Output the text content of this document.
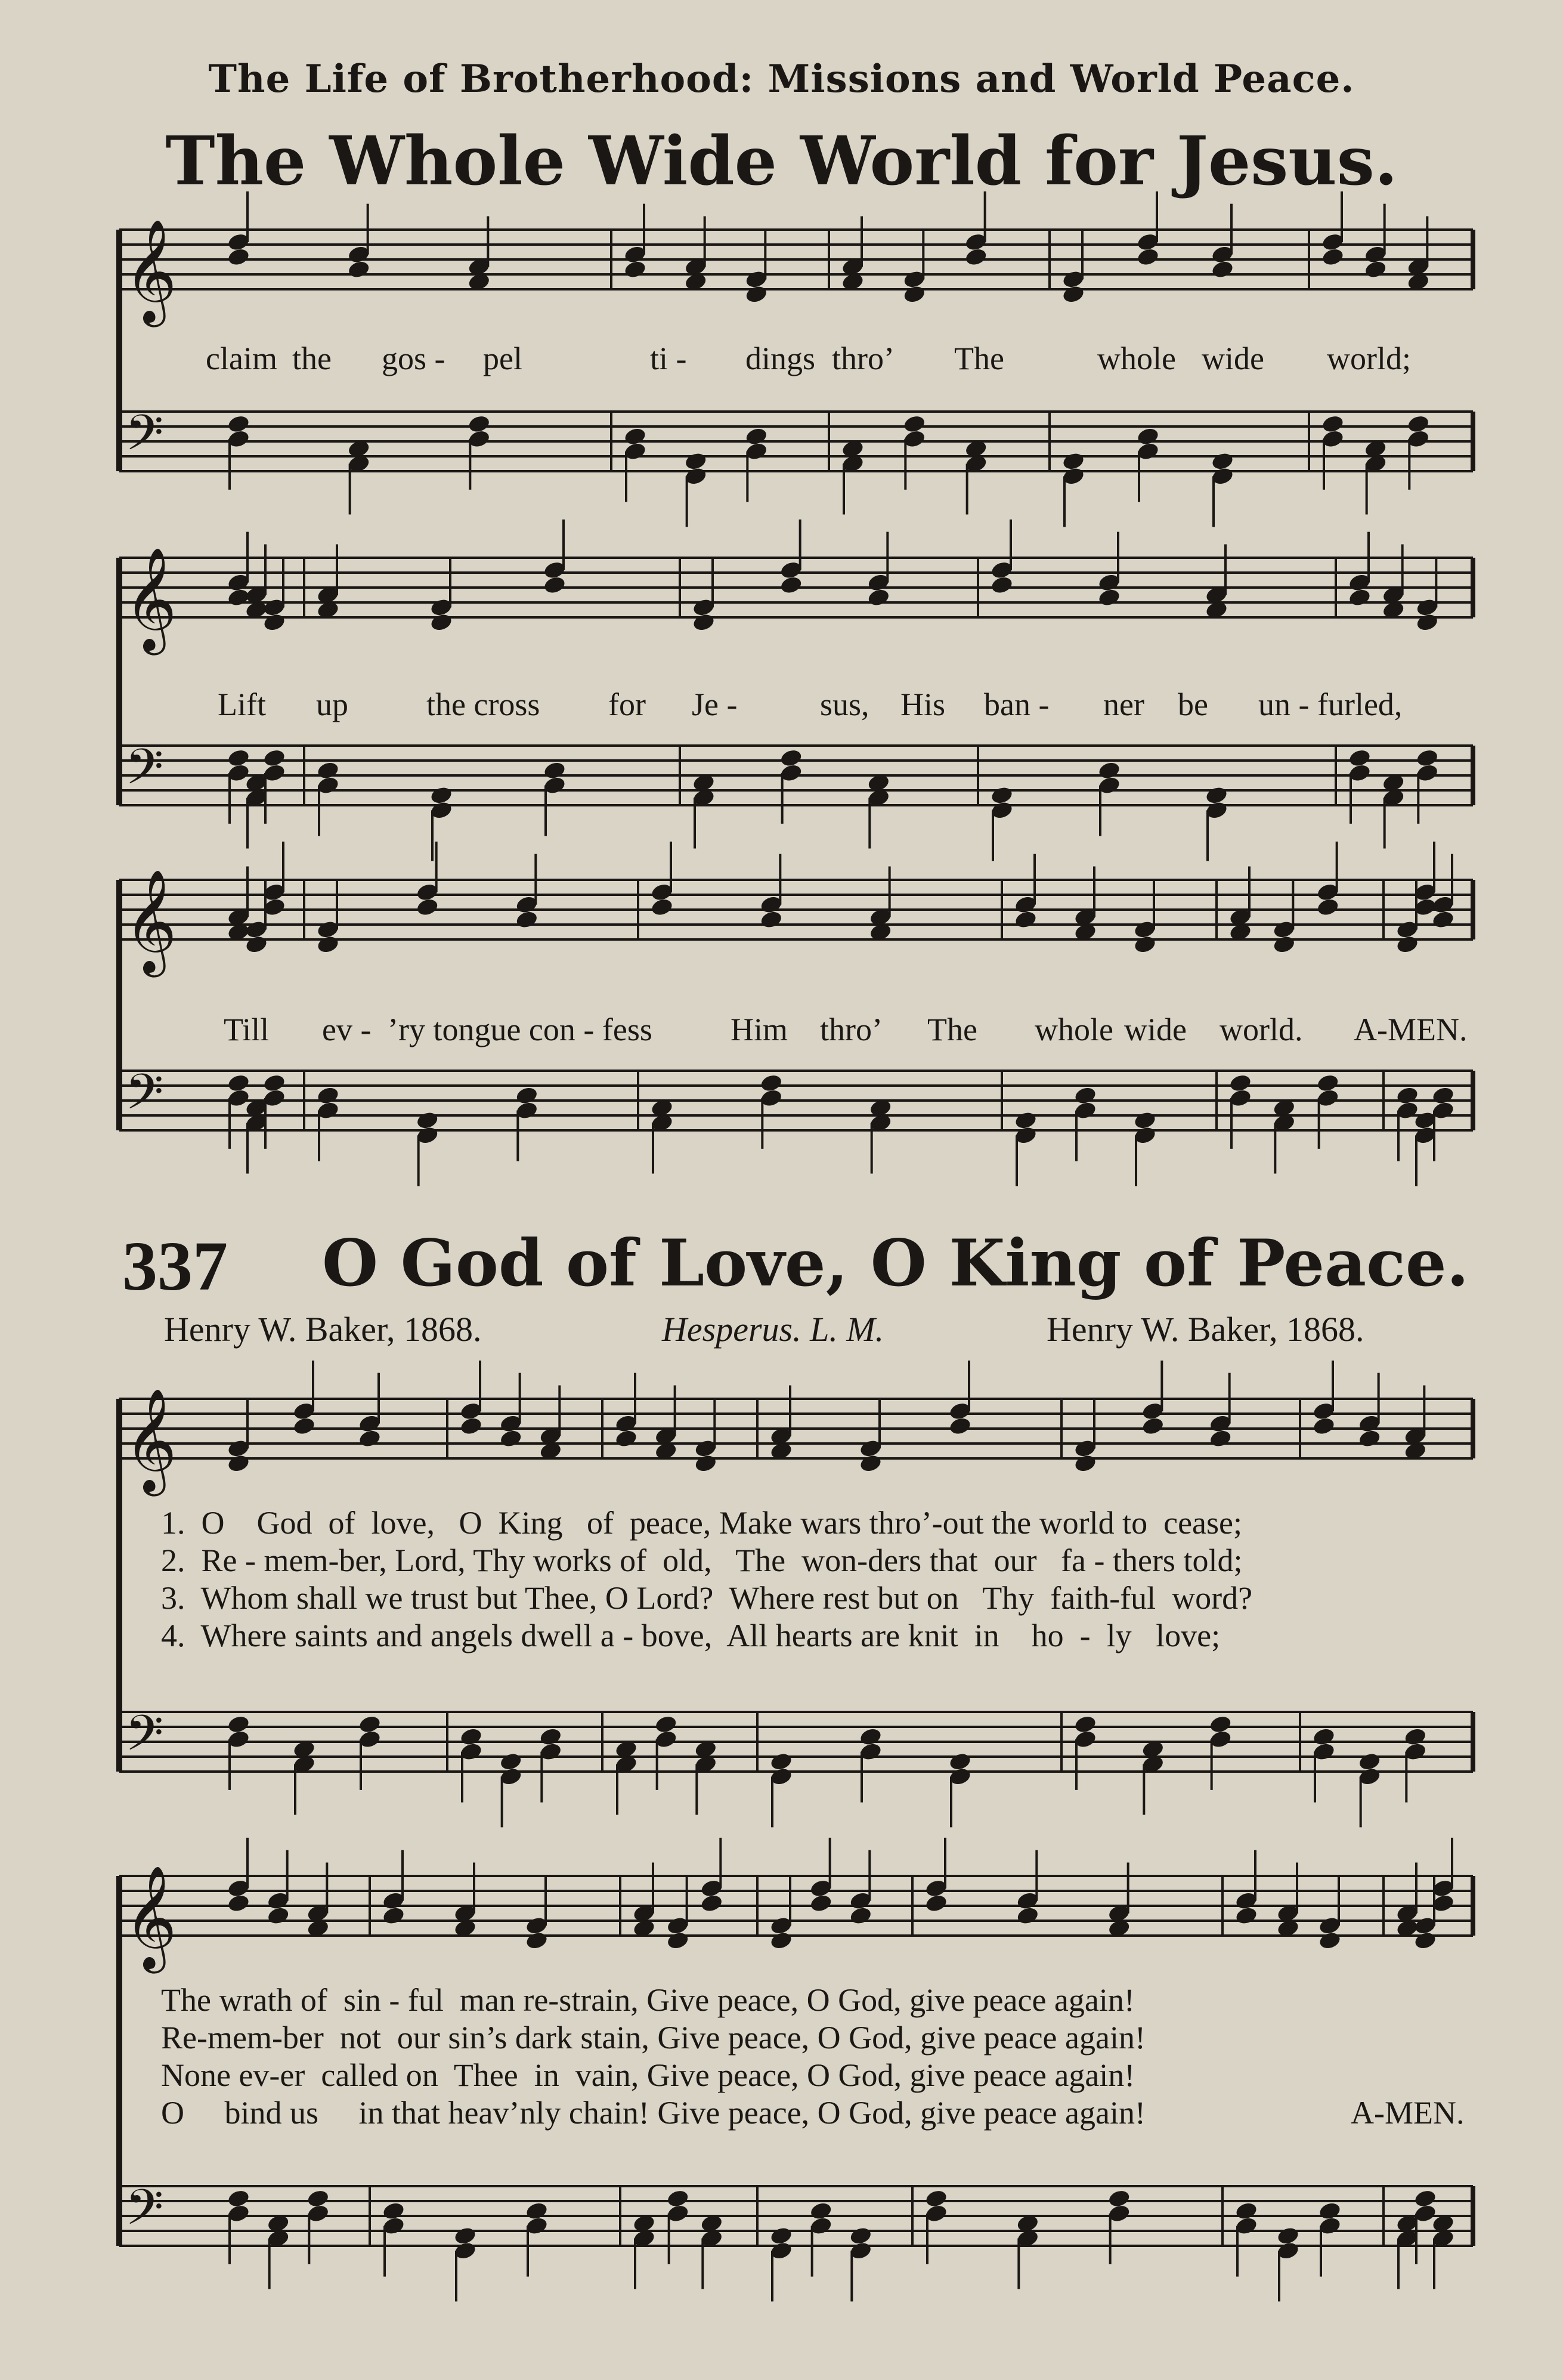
The Life of Brotherhood: Missions and World Peace.
The Whole Wide World for Jesus.
𝄞
𝄢
𝄞
𝄢
𝄞
𝄢
𝄞
𝄢
𝄞
𝄢
claim the gos - pel	ti - dings thro’ The	whole wide world;
Lift up the cross for Je -	sus, His ban - ner be un - furled,
Till ev - ’ry tongue con - fess Him thro’ The whole wide world. A-MEN.
337 O God of Love, O King of Peace.
Henry W. Baker, 1868.	Hesperus. L. M.	Henry W. Baker, 1868.
1.  O    God  of  love,   O  King   of  peace, Make wars thro’-out the world to  cease;
2.  Re - mem-ber, Lord, Thy works of  old,   The  won-ders that  our   fa - thers told;
3.  Whom shall we trust but Thee, O Lord?  Where rest but on   Thy  faith-ful  word?
4.  Where saints and angels dwell a - bove,  All hearts are knit  in    ho  -  ly   love;
The wrath of  sin - ful  man re-strain, Give peace, O God, give peace again!
Re-mem-ber  not  our sin’s dark stain, Give peace, O God, give peace again!
None ev-er  called on  Thee  in  vain, Give peace, O God, give peace again!
O     bind us     in that heav’nly chain! Give peace, O God, give peace again!	A-MEN.
